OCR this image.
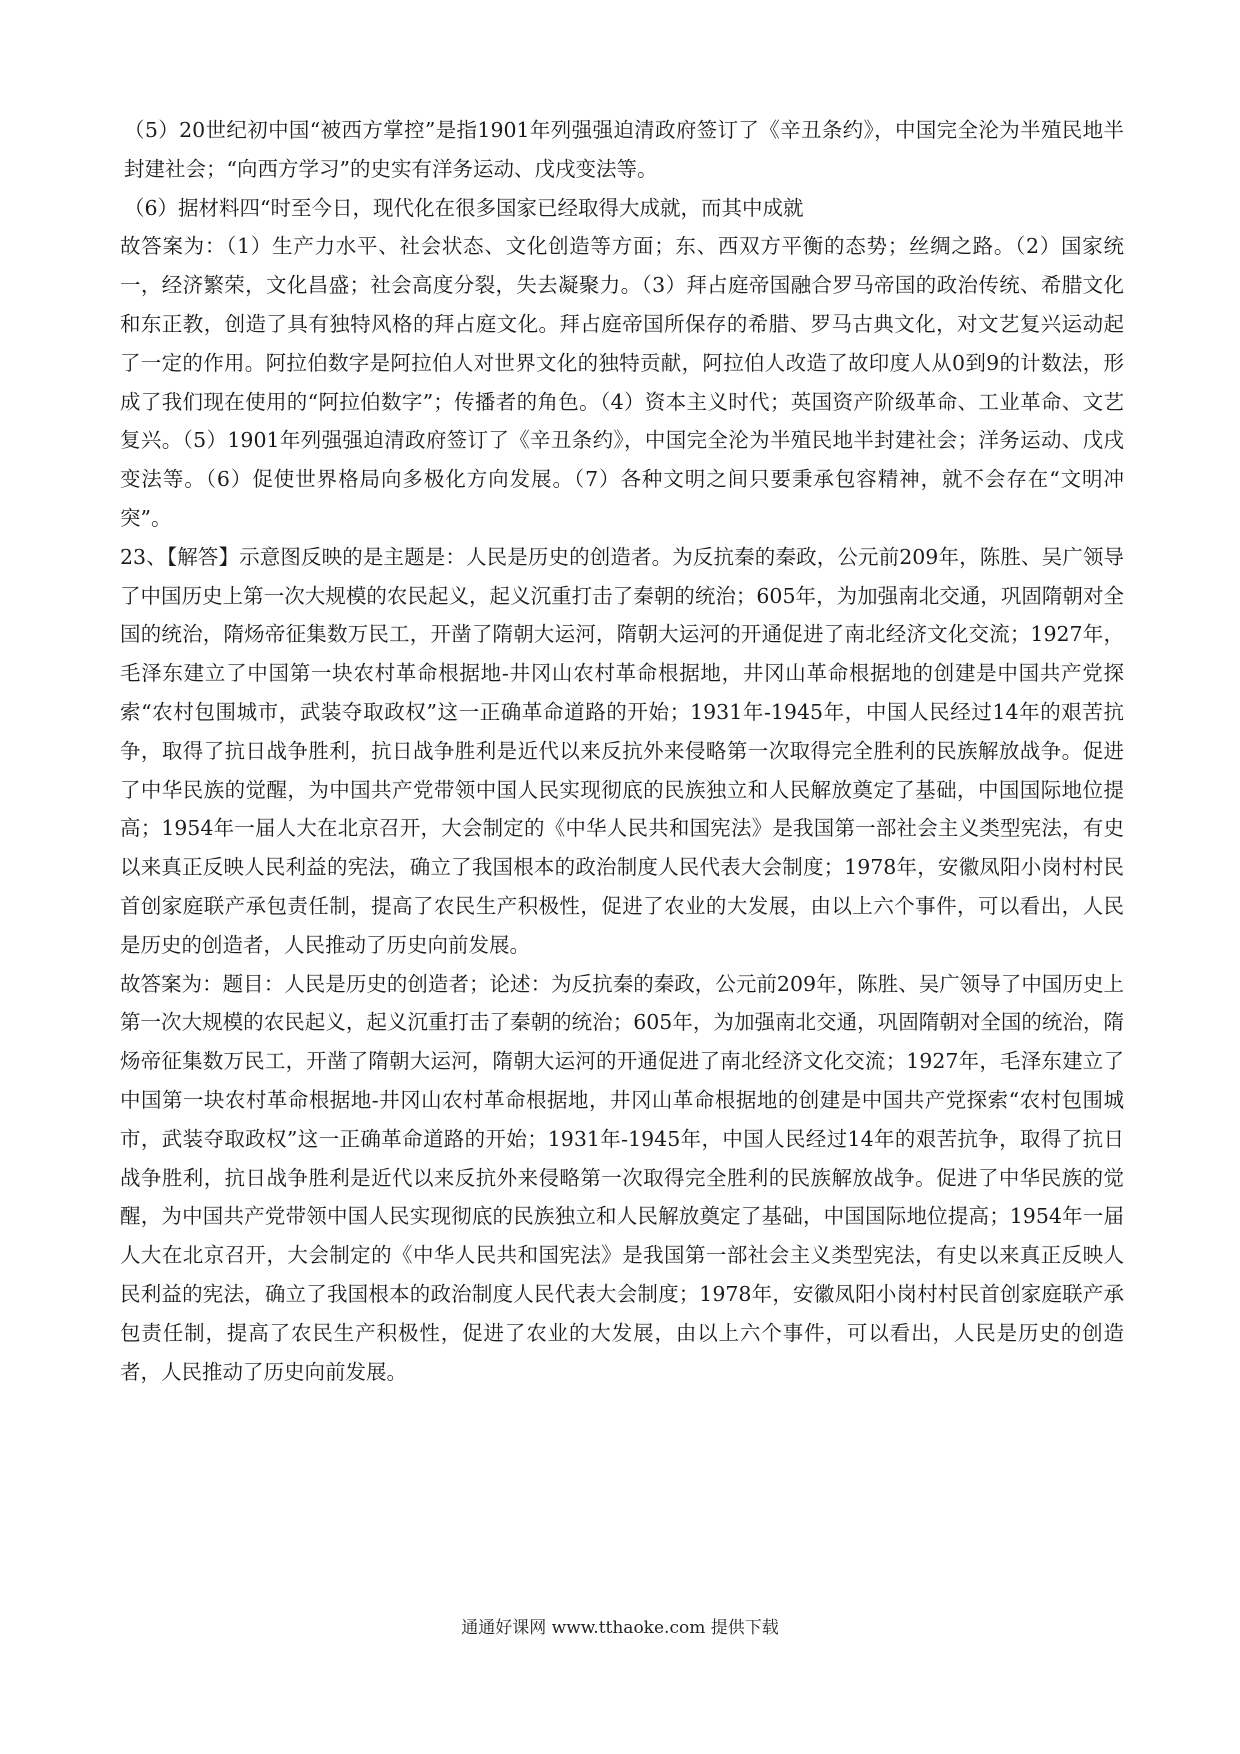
（5）20世纪初中国“被西方掌控”是指1901年列强强迫清政府签订了《辛丑条约》，中国完全沦为半殖民地半封建社会；“向西方学习”的史实有洋务运动、戊戌变法等。

（6）据材料四“时至今日，现代化在很多国家已经取得大成就，而其中成就

故答案为：（1）生产力水平、社会状态、文化创造等方面；东、西双方平衡的态势；丝绸之路。（2）国家统一，经济繁荣，文化昌盛；社会高度分裂，失去凝聚力。（3）拜占庭帝国融合罗马帝国的政治传统、希腊文化和东正教，创造了具有独特风格的拜占庭文化。拜占庭帝国所保存的希腊、罗马古典文化，对文艺复兴运动起了一定的作用。阿拉伯数字是阿拉伯人对世界文化的独特贡献，阿拉伯人改造了故印度人从0到9的计数法，形成了我们现在使用的“阿拉伯数字”；传播者的角色。（4）资本主义时代；英国资产阶级革命、工业革命、文艺复兴。（5）1901年列强强迫清政府签订了《辛丑条约》，中国完全沦为半殖民地半封建社会；洋务运动、戊戌变法等。（6）促使世界格局向多极化方向发展。（7）各种文明之间只要秉承包容精神，就不会存在“文明冲突”。

23、【解答】示意图反映的是主题是：人民是历史的创造者。为反抗秦的秦政，公元前209年，陈胜、吴广领导了中国历史上第一次大规模的农民起义，起义沉重打击了秦朝的统治；605年，为加强南北交通，巩固隋朝对全国的统治，隋炀帝征集数万民工，开凿了隋朝大运河，隋朝大运河的开通促进了南北经济文化交流；1927年，毛泽东建立了中国第一块农村革命根据地-井冈山农村革命根据地，井冈山革命根据地的创建是中国共产党探索“农村包围城市，武装夺取政权”这一正确革命道路的开始；1931年-1945年，中国人民经过14年的艰苦抗争，取得了抗日战争胜利，抗日战争胜利是近代以来反抗外来侵略第一次取得完全胜利的民族解放战争。促进了中华民族的觉醒，为中国共产党带领中国人民实现彻底的民族独立和人民解放奠定了基础，中国国际地位提高；1954年一届人大在北京召开，大会制定的《中华人民共和国宪法》是我国第一部社会主义类型宪法，有史以来真正反映人民利益的宪法，确立了我国根本的政治制度人民代表大会制度；1978年，安徽凤阳小岗村村民首创家庭联产承包责任制，提高了农民生产积极性，促进了农业的大发展，由以上六个事件，可以看出，人民是历史的创造者，人民推动了历史向前发展。

故答案为：题目：人民是历史的创造者；论述：为反抗秦的秦政，公元前209年，陈胜、吴广领导了中国历史上第一次大规模的农民起义，起义沉重打击了秦朝的统治；605年，为加强南北交通，巩固隋朝对全国的统治，隋炀帝征集数万民工，开凿了隋朝大运河，隋朝大运河的开通促进了南北经济文化交流；1927年，毛泽东建立了中国第一块农村革命根据地-井冈山农村革命根据地，井冈山革命根据地的创建是中国共产党探索“农村包围城市，武装夺取政权”这一正确革命道路的开始；1931年-1945年，中国人民经过14年的艰苦抗争，取得了抗日战争胜利，抗日战争胜利是近代以来反抗外来侵略第一次取得完全胜利的民族解放战争。促进了中华民族的觉醒，为中国共产党带领中国人民实现彻底的民族独立和人民解放奠定了基础，中国国际地位提高；1954年一届人大在北京召开，大会制定的《中华人民共和国宪法》是我国第一部社会主义类型宪法，有史以来真正反映人民利益的宪法，确立了我国根本的政治制度人民代表大会制度；1978年，安徽凤阳小岗村村民首创家庭联产承包责任制，提高了农民生产积极性，促进了农业的大发展，由以上六个事件，可以看出，人民是历史的创造者，人民推动了历史向前发展。

通通好课网 www.tthaoke.com 提供下载
